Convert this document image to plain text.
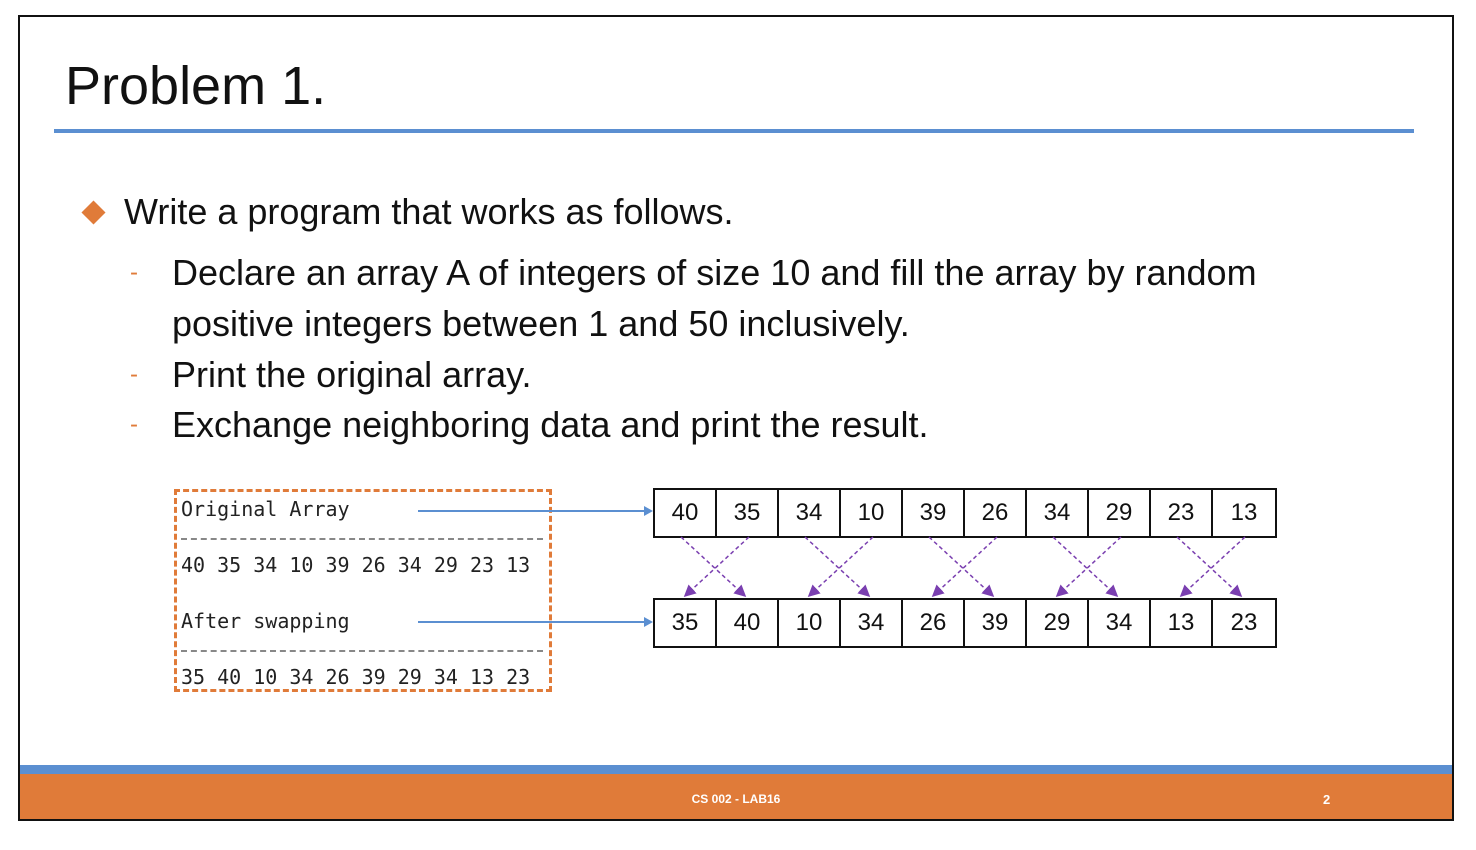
Problem 1.
Write a program that works as follows.
- Declare an array A of integers of size 10 and fill the array by random
positive integers between 1 and 50 inclusively.
- Print the original array.
- Exchange neighboring data and print the result.
Original Array
40 35 34 10 39 26 34 29 23 13
After swapping
35 40 10 34 26 39 29 34 13 23
40	35	34	10	39	26	34	29	23	13
35	40	10	34	26	39	29	34	13	23
CS 002 - LAB16	2
